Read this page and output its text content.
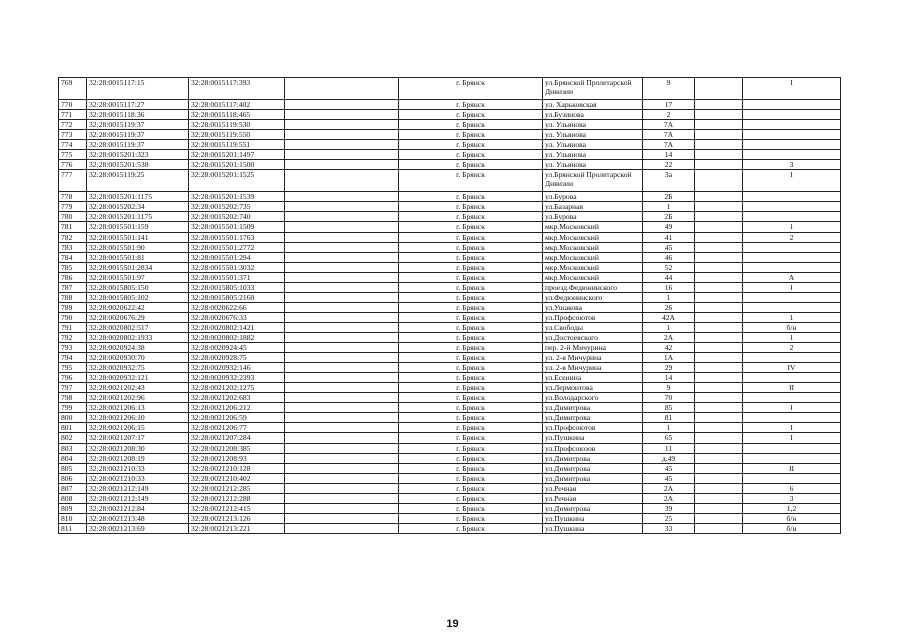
769	32:28:0015117:15	32:28:0015117:393		г. Брянск	ул.Брянской Пролетарской Дивизии	9		I
770	32:28:0015117:27	32:28:0015117:402		г. Брянск	ул. Харьковская	17		
771	32:28:0015118:36	32:28:0015118:465		г. Брянск	ул.Бузинова	2		
772	32:28:0015119:37	32:28:0015119:530		г. Брянск	ул. Ульянова	7А		
773	32:28:0015119:37	32:28:0015119:550		г. Брянск	ул. Ульянова	7А		
774	32:28:0015119:37	32:28:0015119:551		г. Брянск	ул. Ульянова	7А		
775	32:28:0015201:323	32:28:0015201:1497		г. Брянск	ул. Ульянова	14		
776	32:28:0015201:538	32:28:0015201:1500		г. Брянск	ул. Ульянова	22		3
777	32:28:0015119:25	32:28:0015201:1525		г. Брянск	ул.Брянской Пролетарской Дивизии	3а		I
778	32:28:0015201:1175	32:28:0015201:1539		г. Брянск	ул.Бурова	2Б		
779	32:28:0015202:34	32:28:0015202:735		г. Брянск	ул.Базарная	1		
780	32:28:0015201:1175	32:28:0015202:740		г. Брянск	ул.Бурова	2Б		
781	32:28:0015501:159	32:28:0015501:1509		г. Брянск	мкр.Московский	49		1
782	32:28:0015501:141	32:28:0015501:1763		г. Брянск	мкр.Московский	41		2
783	32:28:0015501:90	32:28:0015501:2772		г. Брянск	мкр.Московский	45		
784	32:28:0015501:81	32:28:0015501:294		г. Брянск	мкр.Московский	46		
785	32:28:0015501:2834	32:28:0015501:3032		г. Брянск	мкр.Московский	52		
786	32:28:0015501:97	32:28:0015501:371		г. Брянск	мкр.Московский	44		А
787	32:28:0015805:150	32:28:0015805:1033		г. Брянск	проезд.Федюнинского	16		I
788	32:28:0015805:102	32:28:0015805:2160		г. Брянск	ул.Федюнинского	1		
789	32:28:0020622:42	32:28:0020622:66		г. Брянск	ул.Ушакова	26		
790	32:28:0020676:29	32:28:0020676:33		г. Брянск	ул.Профсоютов	42А		1
791	32:28:0020802:517	32:28:0020802:1421		г. Брянск	ул.Свободы	1		б/н
792	32:28:0020802:1933	32:28:0020802:1882		г. Брянск	ул.Достоевского	2А		1
793	32:28:0020924:38	32:28:0020924:45		г. Брянск	пер. 2-й Мичурина	42		2
794	32:28:0020930:70	32:28:0020928:75		г. Брянск	ул. 2-я Мичурина	1А		
795	32:28:0020932:75	32:28:0020932:146		г. Брянск	ул. 2-я Мичурина	29		IV
796	32:28:0020932:121	32:28:0020932:2393		г. Брянск	ул.Есенина	14		
797	32:28:0021202:43	32:28:0021202:1275		г. Брянск	ул.Лермонтова	9		II
798	32:28:0021202:96	32:28:0021202:683		г. Брянск	ул.Володарского	70		
799	32:28:0021206:13	32:28:0021206:212		г. Брянск	ул.Димитрова	85		I
800	32:28:0021206:10	32:28:0021206:59		г. Брянск	ул.Димитрова	81		
801	32:28:0021206:15	32:28:0021206:77		г. Брянск	ул.Профсоютов	1		I
802	32:28:0021207:17	32:28:0021207:284		г. Брянск	ул.Пушкина	65		I
803	32:28:0021208:30	32:28:0021208:385		г. Брянск	ул.Профсоюзов	11		
804	32:28:0021208:19	32:28:0021208:93		г. Брянск	ул.Димитрова	д.49		
805	32:28:0021210:33	32:28:0021210:128		г. Брянск	ул.Димитрова	45		II
806	32:28:0021210:33	32:28:0021210:402		г. Брянск	ул.Димитрова	45		
807	32:28:0021212:149	32:28:0021212:285		г. Брянск	ул.Речная	2А		6
808	32:28:0021212:149	32:28:0021212:288		г. Брянск	ул.Речная	2А		3
809	32:28:0021212:84	32:28:0021212:415		г. Брянск	ул.Димитрова	39		1,2
810	32:28:0021213:48	32:28:0021213:126		г. Брянск	ул.Пушкина	25		б/н
811	32:28:0021213:69	32:28:0021213:221		г. Брянск	ул.Пушкина	33		б/н
19
